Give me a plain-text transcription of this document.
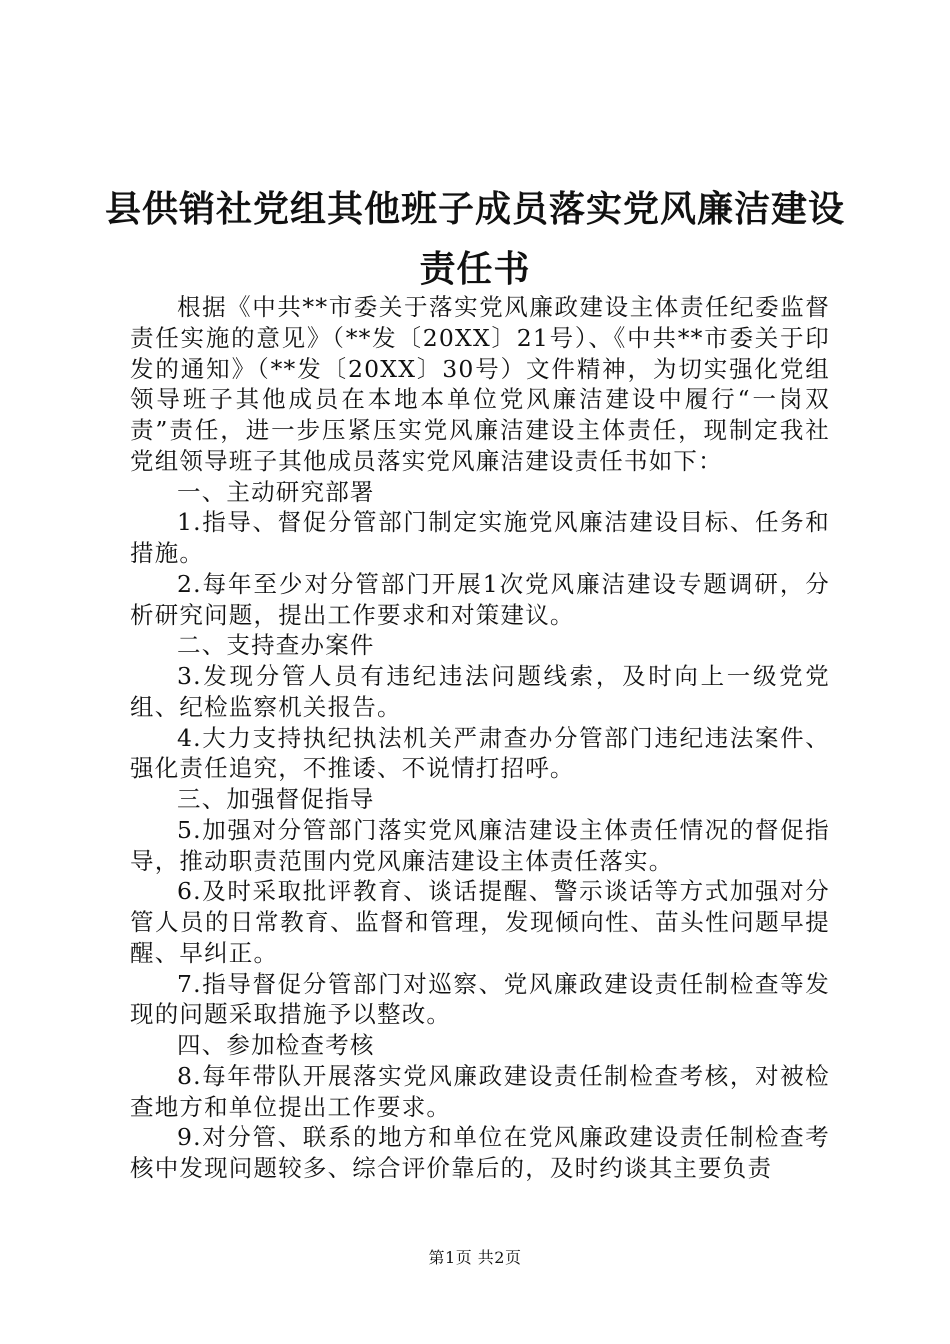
县供销社党组其他班子成员落实党风廉洁建设
责任书

根据《中共**市委关于落实党风廉政建设主体责任纪委监督责任实施的意见》（**发〔20XX〕21号）、《中共**市委关于印发的通知》（**发〔20XX〕30号）文件精神，为切实强化党组领导班子其他成员在本地本单位党风廉洁建设中履行“一岗双责”责任，进一步压紧压实党风廉洁建设主体责任，现制定我社党组领导班子其他成员落实党风廉洁建设责任书如下：

一、主动研究部署

1.指导、督促分管部门制定实施党风廉洁建设目标、任务和措施。

2.每年至少对分管部门开展1次党风廉洁建设专题调研，分析研究问题，提出工作要求和对策建议。

二、支持查办案件

3.发现分管人员有违纪违法问题线索，及时向上一级党党组、纪检监察机关报告。

4.大力支持执纪执法机关严肃查办分管部门违纪违法案件、强化责任追究，不推诿、不说情打招呼。

三、加强督促指导

5.加强对分管部门落实党风廉洁建设主体责任情况的督促指导，推动职责范围内党风廉洁建设主体责任落实。

6.及时采取批评教育、谈话提醒、警示谈话等方式加强对分管人员的日常教育、监督和管理，发现倾向性、苗头性问题早提醒、早纠正。

7.指导督促分管部门对巡察、党风廉政建设责任制检查等发现的问题采取措施予以整改。

四、参加检查考核

8.每年带队开展落实党风廉政建设责任制检查考核，对被检查地方和单位提出工作要求。

9.对分管、联系的地方和单位在党风廉政建设责任制检查考核中发现问题较多、综合评价靠后的，及时约谈其主要负责

第1页 共2页
